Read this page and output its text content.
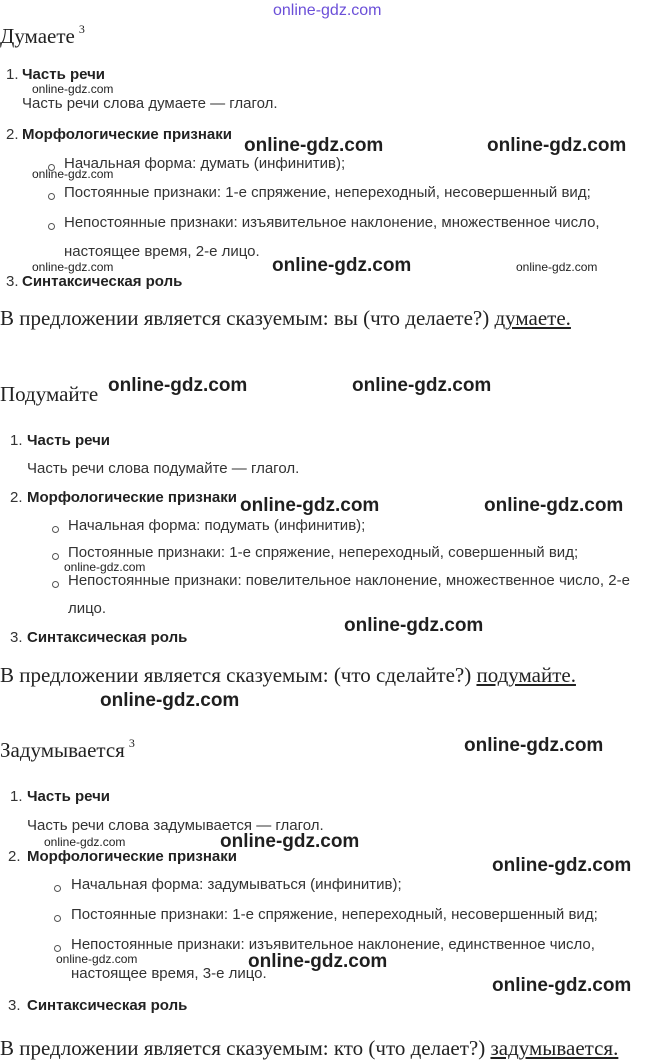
online-gdz.com
Думаете $^3$
1. Часть речи
Часть речи слова думаете — глагол.
2. Морфологические признаки
Начальная форма: думать (инфинитив);
Постоянные признаки: 1-е спряжение, непереходный, несовершенный вид;
Непостоянные признаки: изъявительное наклонение, множественное число,
настоящее время, 2-е лицо.
3. Синтаксическая роль
В предложении является сказуемым: вы (что делаете?) думаете.
Подумайте
1. Часть речи
Часть речи слова подумайте — глагол.
2. Морфологические признаки
Начальная форма: подумать (инфинитив);
Постоянные признаки: 1-е спряжение, непереходный, совершенный вид;
Непостоянные признаки: повелительное наклонение, множественное число, 2-е
лицо.
3. Синтаксическая роль
В предложении является сказуемым: (что сделайте?) подумайте.
Задумывается $^3$
1. Часть речи
Часть речи слова задумывается — глагол.
2. Морфологические признаки
Начальная форма: задумываться (инфинитив);
Постоянные признаки: 1-е спряжение, непереходный, несовершенный вид;
Непостоянные признаки: изъявительное наклонение, единственное число,
настоящее время, 3-е лицо.
3. Синтаксическая роль
В предложении является сказуемым: кто (что делает?) задумывается.
online-gdz.com
online-gdz.com	online-gdz.com
online-gdz.com
online-gdz.com	online-gdz.com	online-gdz.com
online-gdz.com	online-gdz.com
online-gdz.com	online-gdz.com
online-gdz.com
online-gdz.com
online-gdz.com
online-gdz.com
online-gdz.com	online-gdz.com
online-gdz.com
online-gdz.com	online-gdz.com
online-gdz.com
